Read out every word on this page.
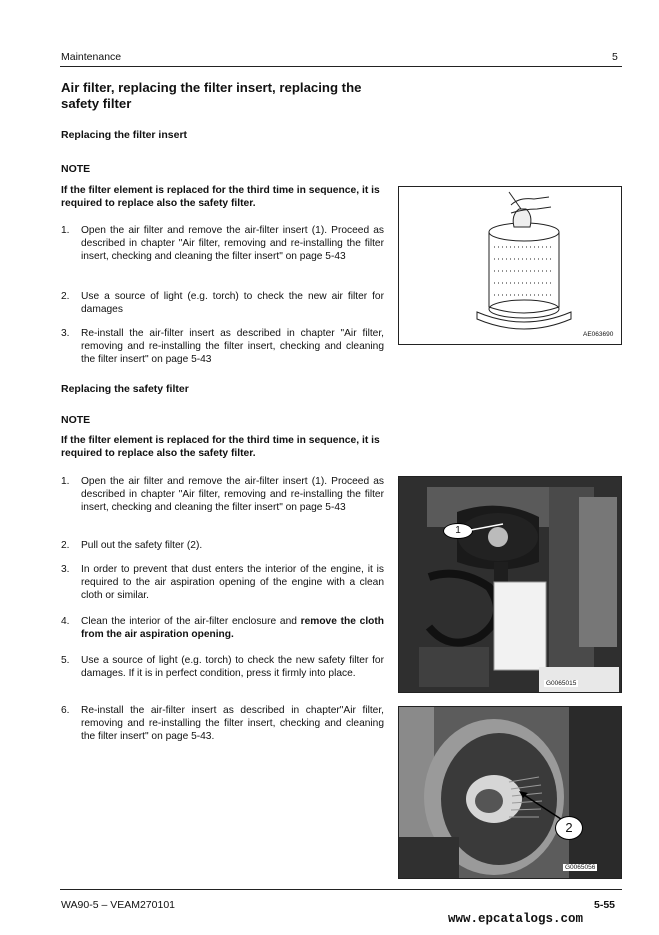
Maintenance	5
Air filter, replacing the filter insert, replacing the safety filter
Replacing the filter insert
NOTE
If the filter element is replaced for the third time in sequence, it is required to replace also the safety filter.
1. Open the air filter and remove the air-filter insert (1). Proceed as described in chapter "Air filter, removing and re-installing the filter insert, checking and cleaning the filter insert" on page 5-43
2. Use a source of light (e.g. torch) to check the new air filter for damages
3. Re-install the air-filter insert as described in chapter "Air filter, removing and re-installing the filter insert, checking and cleaning the filter insert" on page 5-43
Replacing the safety filter
NOTE
If the filter element is replaced for the third time in sequence, it is required to replace also the safety filter.
1. Open the air filter and remove the air-filter insert (1). Proceed as described in chapter "Air filter, removing and re-installing the filter insert, checking and cleaning the filter insert" on page 5-43
2. Pull out the safety filter (2).
3. In order to prevent that dust enters the interior of the engine, it is required to the air aspiration opening of the engine with a clean cloth or similar.
4. Clean the interior of the air-filter enclosure and remove the cloth from the air aspiration opening.
5. Use a source of light (e.g. torch) to check the new safety filter for damages. If it is in perfect condition, press it firmly into place.
6. Re-install the air-filter insert as described in chapter"Air filter, removing and re-installing the filter insert, checking and cleaning the filter insert" on page 5-43.
AE063690
1
G0065015
2
G0065056
WA90-5 – VEAM270101	5-55
www.epcatalogs.com
